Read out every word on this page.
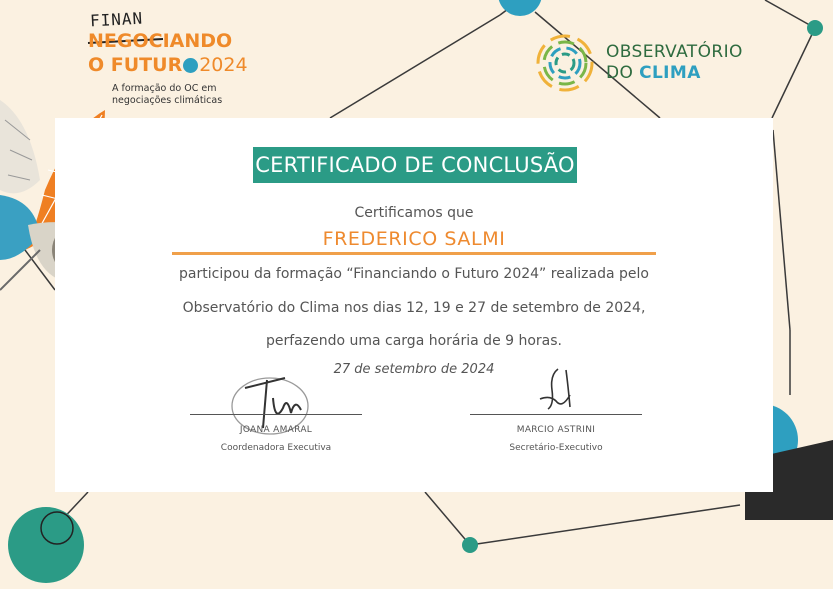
FINAN
NEGOCIANDO
O FUTUR 2024
A formação do OC em
negociações climáticas
OBSERVATÓRIO
DO CLIMA
CERTIFICADO DE CONCLUSÃO
Certificamos que
FREDERICO SALMI
participou da formação “Financiando o Futuro 2024” realizada pelo
Observatório do Clima nos dias 12, 19 e 27 de setembro de 2024,
perfazendo uma carga horária de 9 horas.
27 de setembro de 2024
JOANA AMARAL
Coordenadora Executiva
MARCIO ASTRINI
Secretário-Executivo
